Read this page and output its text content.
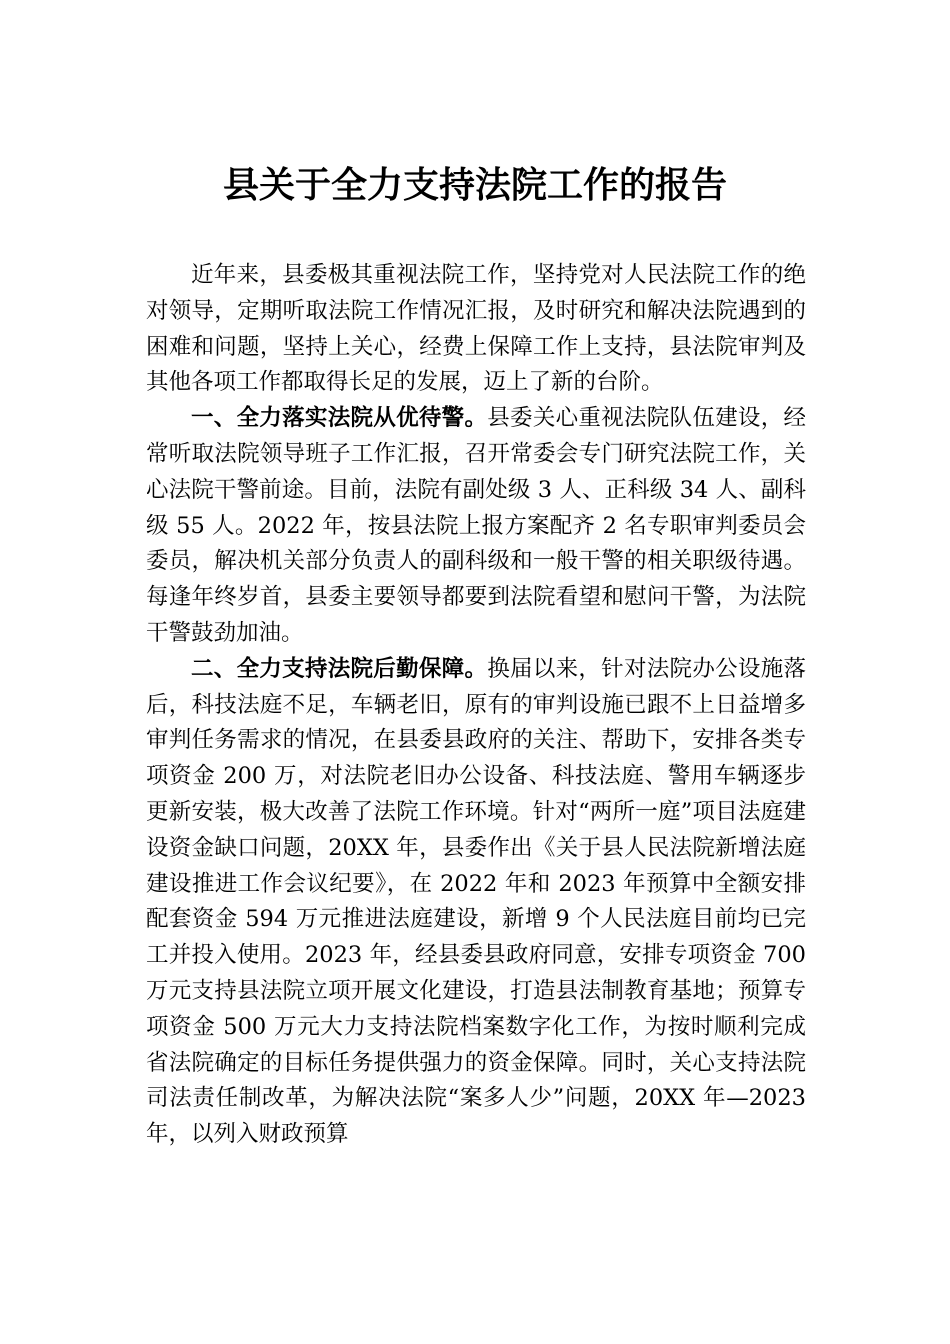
县关于全力支持法院工作的报告

近年来，县委极其重视法院工作，坚持党对人民法院工作的绝对领导，定期听取法院工作情况汇报，及时研究和解决法院遇到的困难和问题，坚持上关心，经费上保障工作上支持，县法院审判及其他各项工作都取得长足的发展，迈上了新的台阶。

一、全力落实法院从优待警。县委关心重视法院队伍建设，经常听取法院领导班子工作汇报，召开常委会专门研究法院工作，关心法院干警前途。目前，法院有副处级 3 人、正科级 34 人、副科级 55 人。2022 年，按县法院上报方案配齐 2 名专职审判委员会委员，解决机关部分负责人的副科级和一般干警的相关职级待遇。每逢年终岁首，县委主要领导都要到法院看望和慰问干警，为法院干警鼓劲加油。

二、全力支持法院后勤保障。换届以来，针对法院办公设施落后，科技法庭不足，车辆老旧，原有的审判设施已跟不上日益增多审判任务需求的情况，在县委县政府的关注、帮助下，安排各类专项资金 200 万，对法院老旧办公设备、科技法庭、警用车辆逐步更新安装，极大改善了法院工作环境。针对“两所一庭”项目法庭建设资金缺口问题，20XX 年，县委作出《关于县人民法院新增法庭建设推进工作会议纪要》，在 2022 年和 2023 年预算中全额安排配套资金 594 万元推进法庭建设，新增 9 个人民法庭目前均已完工并投入使用。2023 年，经县委县政府同意，安排专项资金 700 万元支持县法院立项开展文化建设，打造县法制教育基地；预算专项资金 500 万元大力支持法院档案数字化工作，为按时顺利完成省法院确定的目标任务提供强力的资金保障。同时，关心支持法院司法责任制改革，为解决法院“案多人少”问题，20XX 年—2023 年，以列入财政预算
